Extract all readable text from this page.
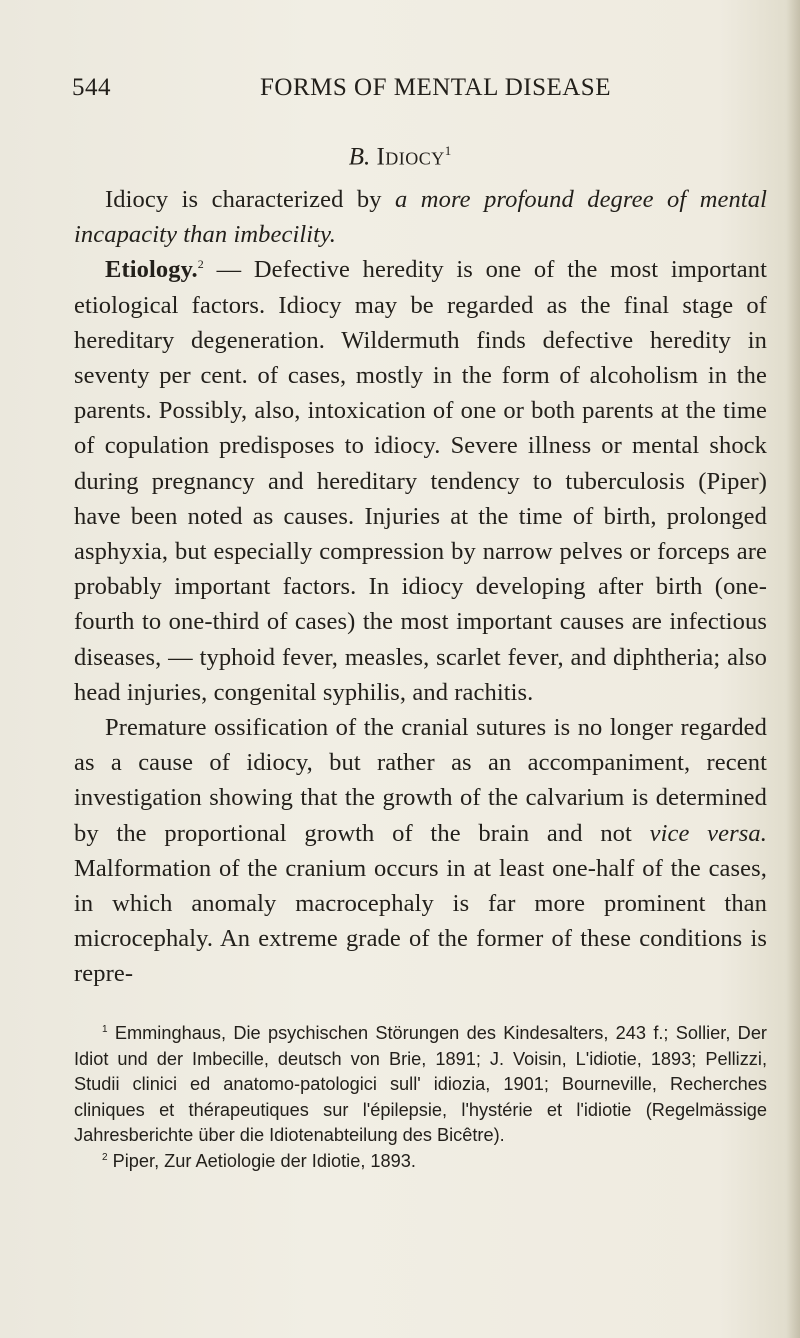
544	FORMS OF MENTAL DISEASE
B. Idiocy$^1$

Idiocy is characterized by a more profound degree of mental incapacity than imbecility.

Etiology.$^2$ — Defective heredity is one of the most important etiological factors. Idiocy may be regarded as the final stage of hereditary degeneration. Wildermuth finds defective heredity in seventy per cent. of cases, mostly in the form of alcoholism in the parents. Possibly, also, intoxication of one or both parents at the time of copulation predisposes to idiocy. Severe illness or mental shock during pregnancy and hereditary tendency to tuberculosis (Piper) have been noted as causes. Injuries at the time of birth, prolonged asphyxia, but especially compression by narrow pelves or forceps are probably important factors. In idiocy developing after birth (one-fourth to one-third of cases) the most important causes are infectious diseases, — typhoid fever, measles, scarlet fever, and diphtheria; also head injuries, congenital syphilis, and rachitis.

Premature ossification of the cranial sutures is no longer regarded as a cause of idiocy, but rather as an accompaniment, recent investigation showing that the growth of the calvarium is determined by the proportional growth of the brain and not vice versa. Malformation of the cranium occurs in at least one-half of the cases, in which anomaly macrocephaly is far more prominent than microcephaly. An extreme grade of the former of these conditions is repre-

$^1$ Emminghaus, Die psychischen Störungen des Kindesalters, 243 f.; Sollier, Der Idiot und der Imbecille, deutsch von Brie, 1891; J. Voisin, L'idiotie, 1893; Pellizzi, Studii clinici ed anatomo-patologici sull' idiozia, 1901; Bourneville, Recherches cliniques et thérapeutiques sur l'épilepsie, l'hystérie et l'idiotie (Regelmässige Jahresberichte über die Idiotenabteilung des Bicêtre).

$^2$ Piper, Zur Aetiologie der Idiotie, 1893.
